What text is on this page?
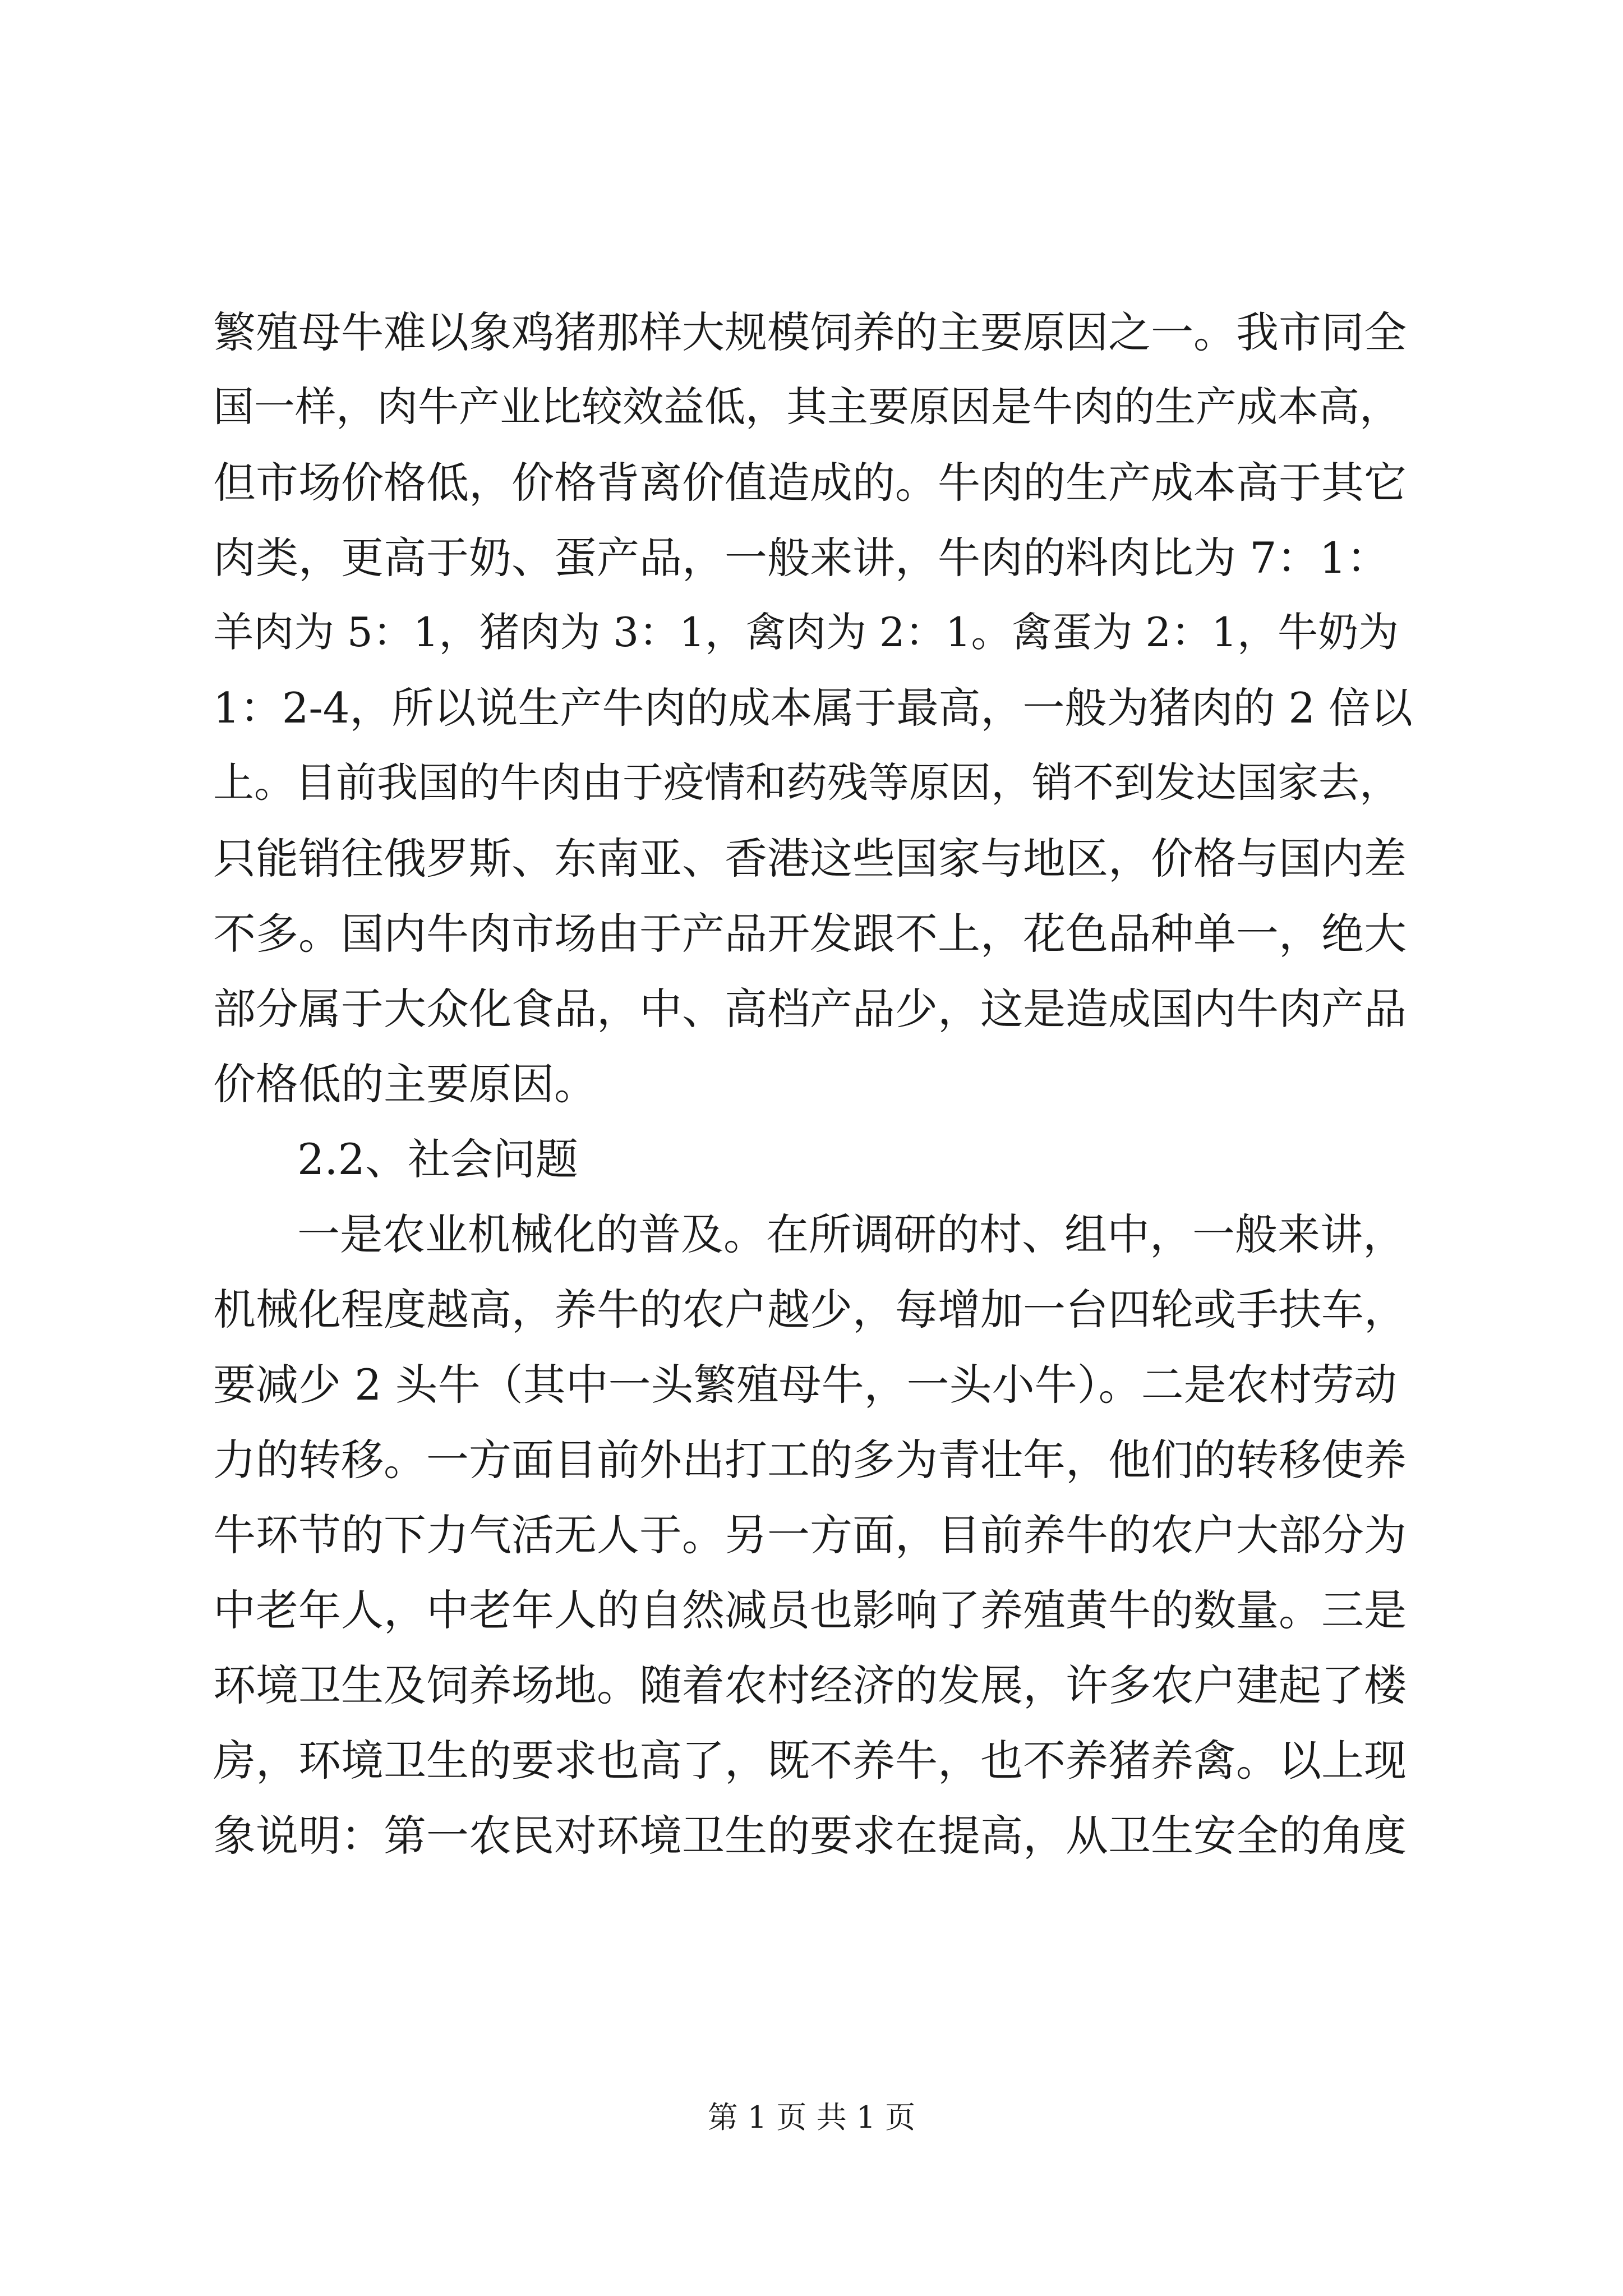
繁殖母牛难以象鸡猪那样大规模饲养的主要原因之一。我市同全
国一样，肉牛产业比较效益低，其主要原因是牛肉的生产成本高，
但市场价格低，价格背离价值造成的。牛肉的生产成本高于其它
肉类，更高于奶、蛋产品，一般来讲，牛肉的料肉比为 7：1：
羊肉为 5：1，猪肉为 3：1，禽肉为 2：1。禽蛋为 2：1，牛奶为
1：2-4，所以说生产牛肉的成本属于最高，一般为猪肉的 2 倍以
上。目前我国的牛肉由于疫情和药残等原因，销不到发达国家去，
只能销往俄罗斯、东南亚、香港这些国家与地区，价格与国内差
不多。国内牛肉市场由于产品开发跟不上，花色品种单一，绝大
部分属于大众化食品，中、高档产品少，这是造成国内牛肉产品
价格低的主要原因。
2.2、社会问题
一是农业机械化的普及。在所调研的村、组中，一般来讲，
机械化程度越高，养牛的农户越少，每增加一台四轮或手扶车，
要减少 2 头牛（其中一头繁殖母牛，一头小牛）。二是农村劳动
力的转移。一方面目前外出打工的多为青壮年，他们的转移使养
牛环节的下力气活无人于。另一方面，目前养牛的农户大部分为
中老年人，中老年人的自然减员也影响了养殖黄牛的数量。三是
环境卫生及饲养场地。随着农村经济的发展，许多农户建起了楼
房，环境卫生的要求也高了，既不养牛，也不养猪养禽。以上现
象说明：第一农民对环境卫生的要求在提高，从卫生安全的角度
第 1 页 共 1 页
